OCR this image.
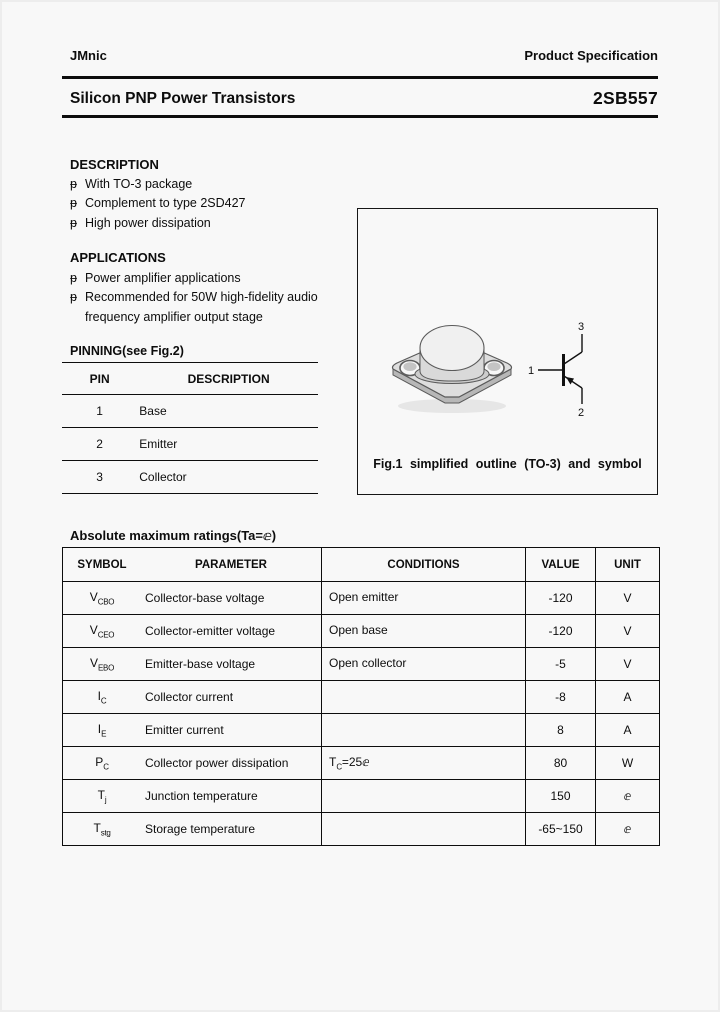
JMnic	Product Specification
Silicon PNP Power Transistors	2SB557
DESCRIPTION
ᵽ With TO-3 package
ᵽ Complement to type 2SD427
ᵽ High power dissipation
APPLICATIONS
ᵽ Power amplifier applications
ᵽ Recommended for 50W high-fidelity audio
frequency amplifier output stage
PINNING(see Fig.2)
PIN	DESCRIPTION
1	Base
2	Emitter
3	Collector
1
3
2
Fig.1 simplified outline (TO-3) and symbol
Absolute maximum ratings(Ta=ⅇ)
SYMBOL	PARAMETER	CONDITIONS	VALUE	UNIT
$V_{CBO}$	Collector-base voltage	Open emitter	-120	V
$V_{CEO}$	Collector-emitter voltage	Open base	-120	V
$V_{EBO}$	Emitter-base voltage	Open collector	-5	V
$I_C$	Collector current		-8	A
$I_E$	Emitter current		8	A
$P_C$	Collector power dissipation	$T_C=25ⅇ$	80	W
$T_j$	Junction temperature		150	ⅇ
$T_{stg}$	Storage temperature		-65~150	ⅇ
